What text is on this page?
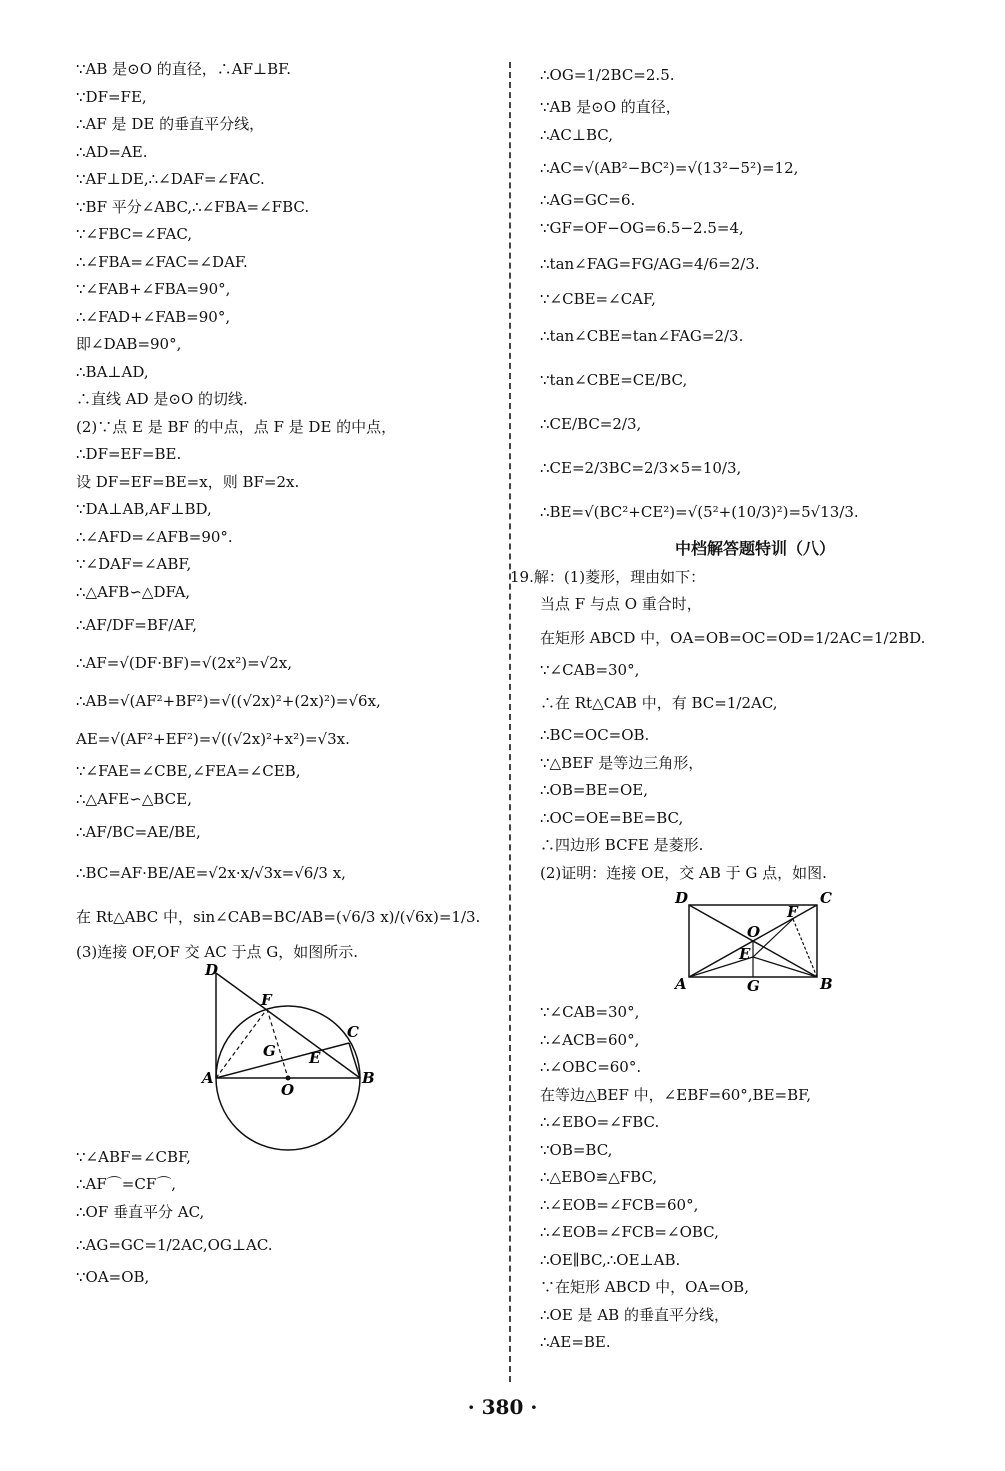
∵AB 是⊙O 的直径，∴AF⊥BF.
∵DF=FE,
∴AF 是 DE 的垂直平分线，
∴AD=AE.
∵AF⊥DE,∴∠DAF=∠FAC.
∵BF 平分∠ABC,∴∠FBA=∠FBC.
∵∠FBC=∠FAC,
∴∠FBA=∠FAC=∠DAF.
∵∠FAB+∠FBA=90°,
∴∠FAD+∠FAB=90°,
即∠DAB=90°,
∴BA⊥AD,
∴直线 AD 是⊙O 的切线.
(2)∵点 E 是 BF 的中点，点 F 是 DE 的中点，
∴DF=EF=BE.
设 DF=EF=BE=x，则 BF=2x.
∵DA⊥AB,AF⊥BD,
∴∠AFD=∠AFB=90°.
∵∠DAF=∠ABF,
∴△AFB∽△DFA,
∴AF/DF=BF/AF,
∴AF=√(DF·BF)=√(2x²)=√2x,
∴AB=√(AF²+BF²)=√((√2x)²+(2x)²)=√6x,
AE=√(AF²+EF²)=√((√2x)²+x²)=√3x.
∵∠FAE=∠CBE,∠FEA=∠CEB,
∴△AFE∽△BCE,
∴AF/BC=AE/BE,
∴BC=AF·BE/AE=√2x·x/√3x=√6/3 x,
在 Rt△ABC 中，sin∠CAB=BC/AB=(√6/3 x)/(√6x)=1/3.
(3)连接 OF,OF 交 AC 于点 G，如图所示.
D
F
C
G E
A
O
B
∵∠ABF=∠CBF,
∴AF⌒=CF⌒,
∴OF 垂直平分 AC,
∴AG=GC=1/2AC,OG⊥AC.
∵OA=OB,
∴OG=1/2BC=2.5.
∵AB 是⊙O 的直径，
∴AC⊥BC,
∴AC=√(AB²−BC²)=√(13²−5²)=12,
∴AG=GC=6.
∵GF=OF−OG=6.5−2.5=4,
∴tan∠FAG=FG/AG=4/6=2/3.
∵∠CBE=∠CAF,
∴tan∠CBE=tan∠FAG=2/3.
∵tan∠CBE=CE/BC,
∴CE/BC=2/3,
∴CE=2/3BC=2/3×5=10/3,
∴BE=√(BC²+CE²)=√(5²+(10/3)²)=5√13/3.
中档解答题特训（八）
19.解：(1)菱形，理由如下：
当点 F 与点 O 重合时，
在矩形 ABCD 中，OA=OB=OC=OD=1/2AC=1/2BD.
∵∠CAB=30°,
∴在 Rt△CAB 中，有 BC=1/2AC,
∴BC=OC=OB.
∵△BEF 是等边三角形，
∴OB=BE=OE,
∴OC=OE=BE=BC,
∴四边形 BCFE 是菱形.
(2)证明：连接 OE，交 AB 于 G 点，如图.
D	C
F
O
E
A	G	B
∵∠CAB=30°,
∴∠ACB=60°,
∴∠OBC=60°.
在等边△BEF 中，∠EBF=60°,BE=BF,
∴∠EBO=∠FBC.
∵OB=BC,
∴△EBO≌△FBC,
∴∠EOB=∠FCB=60°,
∴∠EOB=∠FCB=∠OBC,
∴OE∥BC,∴OE⊥AB.
∵在矩形 ABCD 中，OA=OB,
∴OE 是 AB 的垂直平分线，
∴AE=BE.
· 380 ·
